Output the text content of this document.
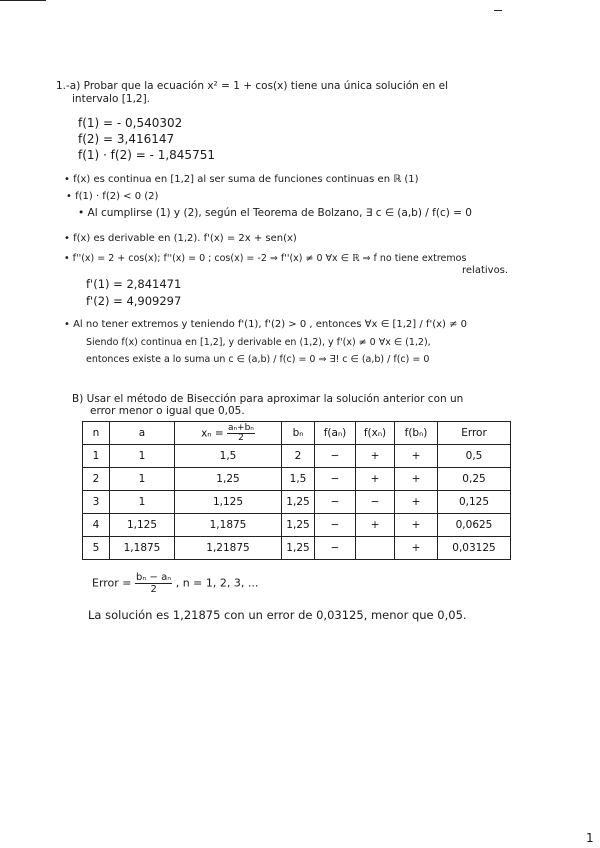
1.-a) Probar que la ecuación x² = 1 + cos(x) tiene una única solución en el
intervalo [1,2].
f(1) = - 0,540302
f(2) = 3,416147
f(1) · f(2) = - 1,845751
• f(x) es continua en [1,2] al ser suma de funciones continuas en ℝ (1)
• f(1) · f(2) < 0 (2)
• Al cumplirse (1) y (2), según el Teorema de Bolzano, ∃ c ∈ (a,b) / f(c) = 0
• f(x) es derivable en (1,2). f'(x) = 2x + sen(x)
• f''(x) = 2 + cos(x); f''(x) = 0 ; cos(x) = -2 ⇒ f''(x) ≠ 0 ∀x ∈ ℝ ⇒ f no tiene extremos
relativos.
f'(1) = 2,841471
f'(2) = 4,909297
• Al no tener extremos y teniendo f'(1), f'(2) > 0 , entonces ∀x ∈ [1,2] / f'(x) ≠ 0
Siendo f(x) continua en [1,2], y derivable en (1,2), y f'(x) ≠ 0 ∀x ∈ (1,2),
entonces existe a lo suma un c ∈ (a,b) / f(c) = 0 ⇒ ∃! c ∈ (a,b) / f(c) = 0
B) Usar el método de Bisección para aproximar la solución anterior con un
error menor o igual que 0,05.
n	a	$x_n = \frac{\text{aₙ+bₙ}}{2}$	bₙ	f(aₙ)	f(xₙ)	f(bₙ)	Error
1	1	1,5	2	−	+	+	0,5
2	1	1,25	1,5	−	+	+	0,25
3	1	1,125	1,25	−	−	+	0,125
4	1,125	1,1875	1,25	−	+	+	0,0625
5	1,1875	1,21875	1,25	−		+	0,03125
Error = $\frac{\text{bₙ − aₙ}}{2}$ , n = 1, 2, 3, ...
La solución es 1,21875 con un error de 0,03125, menor que 0,05.
1
